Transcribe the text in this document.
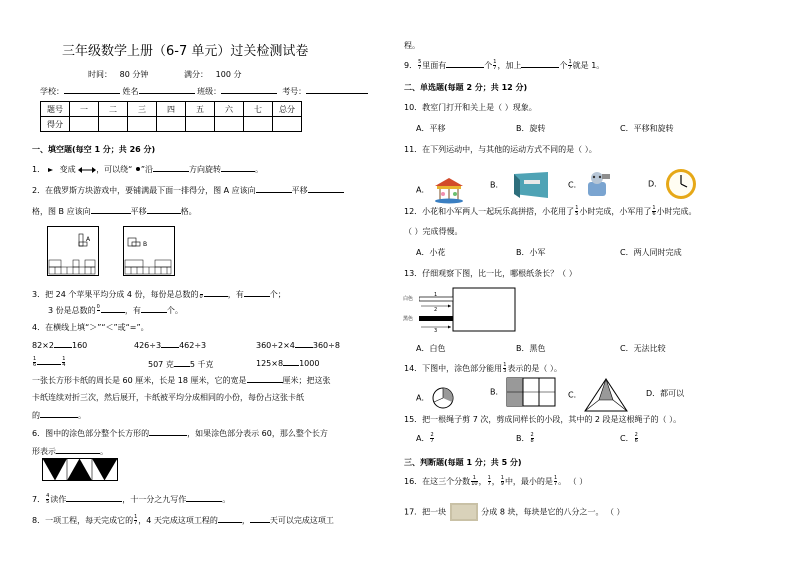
三年级数学上册（6-7 单元）过关检测试卷
时间： 80 分钟	满分： 100 分
学校：	姓名	班级：	考号：
题号	一	二	三	四	五	六	七	总分
得分								
一、填空题(每空 1 分；共 26 分)
1． 变成	，可以绕“ ”沿	方向旋转	。
2．在俄罗斯方块游戏中，要铺满最下面一排得分，图 A 应该向	平移
格，图 B 应该向	平移	格。
A
B
3．把 24 个苹果平均分成 4 份，每份是总数的
0	，有	个；
3 份是总数的 0
	，有	个。
4．在横线上填“＞”“＜”或“=”。
82×2 160	426÷3 462÷3	360÷2×4 360÷8
$\frac{1}{6}$	$\frac{1}{4}$	507 克 5 千克	125×8 1000
一张长方形卡纸的周长是 60 厘米，长是 18 厘米，它的宽是	厘米；把这张
卡纸连续对折三次，然后展开，卡纸被平均分成相同的小份，每份占这张卡纸
的	。
6．图中的涂色部分整个长方形的	，如果涂色部分表示 60，那么整个长方
形表示	。
7． $\frac{4}{5}$ 读作	，十一分之九写作	。
8．一项工程，每天完成它的 $\frac{1}{7}$ ，4 天完成这项工程的	，	天可以完成这项工
程。
9． $\frac{5}{7}$ 里面有	个 $\frac{1}{7}$ ，加上	个 $\frac{1}{7}$ 就是 1。
二、单选题(每题 2 分；共 12 分)
10．教室门打开和关上是（ ）现象。
A．平移	B．旋转	C．平移和旋转
11．在下列运动中，与其他的运动方式不同的是（ ）。
A．
B．	C．	D．
12．小花和小军两人一起玩乐高拼搭，小花用了 $\frac{1}{5}$ 小时完成，小军用了 $\frac{1}{6}$ 小时完成。
（ ）完成得慢。
A．小花	B．小军	C．两人同时完成
13．仔细观察下图，比一比，哪根纸条长？（ ）
白色
黑色
1
2
3
A．白色	B．黑色	C．无法比较
14．下图中，涂色部分能用 $\frac{1}{3}$ 表示的是（ ）。
A．
B．	C．	D．都可以
15．把一根绳子剪 7 次，剪成同样长的小段，其中的 2 段是这根绳子的（ ）。
A． $\frac{2}{7}$	B． $\frac{2}{8}$	C． $\frac{2}{6}$
三、判断题(每题 1 分；共 5 分)
16．在这三个分数 $\frac{1}{10}$ ， $\frac{1}{7}$ ， $\frac{1}{9}$ 中，最小的是 $\frac{1}{7}$ 。 （ ）
17．把一块	分成 8 块，每块是它的八分之一。 （ ）
